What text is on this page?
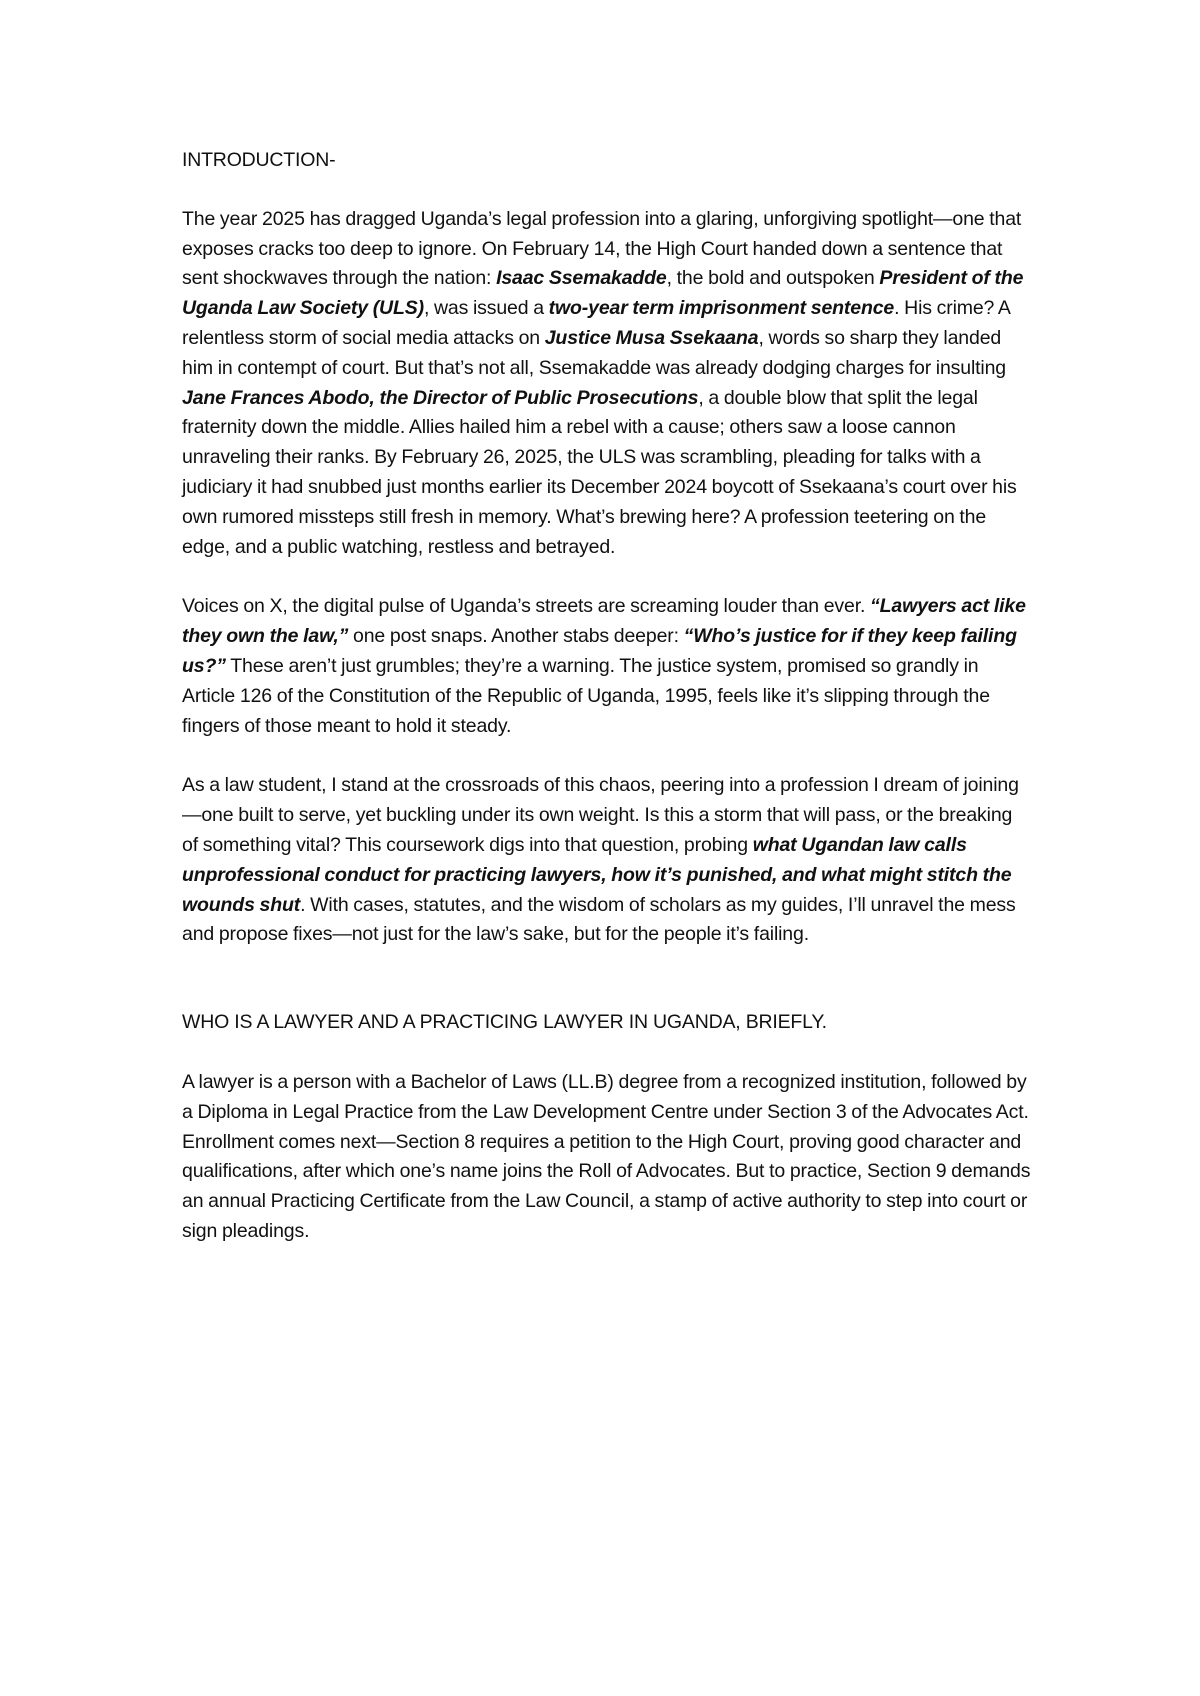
INTRODUCTION-

The year 2025 has dragged Uganda’s legal profession into a glaring, unforgiving spotlight—one that exposes cracks too deep to ignore. On February 14, the High Court handed down a sentence that sent shockwaves through the nation: Isaac Ssemakadde, the bold and outspoken President of the Uganda Law Society (ULS), was issued a two-year term imprisonment sentence. His crime? A relentless storm of social media attacks on Justice Musa Ssekaana, words so sharp they landed him in contempt of court. But that’s not all, Ssemakadde was already dodging charges for insulting Jane Frances Abodo, the Director of Public Prosecutions, a double blow that split the legal fraternity down the middle. Allies hailed him a rebel with a cause; others saw a loose cannon unraveling their ranks. By February 26, 2025, the ULS was scrambling, pleading for talks with a judiciary it had snubbed just months earlier its December 2024 boycott of Ssekaana’s court over his own rumored missteps still fresh in memory. What’s brewing here? A profession teetering on the edge, and a public watching, restless and betrayed.

Voices on X, the digital pulse of Uganda’s streets are screaming louder than ever. “Lawyers act like they own the law,” one post snaps. Another stabs deeper: “Who’s justice for if they keep failing us?” These aren’t just grumbles; they’re a warning. The justice system, promised so grandly in Article 126 of the Constitution of the Republic of Uganda, 1995, feels like it’s slipping through the fingers of those meant to hold it steady.

As a law student, I stand at the crossroads of this chaos, peering into a profession I dream of joining—one built to serve, yet buckling under its own weight. Is this a storm that will pass, or the breaking of something vital? This coursework digs into that question, probing what Ugandan law calls unprofessional conduct for practicing lawyers, how it’s punished, and what might stitch the wounds shut. With cases, statutes, and the wisdom of scholars as my guides, I’ll unravel the mess and propose fixes—not just for the law’s sake, but for the people it’s failing.

WHO IS A LAWYER AND A PRACTICING LAWYER IN UGANDA, BRIEFLY.

A lawyer is a person with a Bachelor of Laws (LL.B) degree from a recognized institution, followed by a Diploma in Legal Practice from the Law Development Centre under Section 3 of the Advocates Act. Enrollment comes next—Section 8 requires a petition to the High Court, proving good character and qualifications, after which one’s name joins the Roll of Advocates. But to practice, Section 9 demands an annual Practicing Certificate from the Law Council, a stamp of active authority to step into court or sign pleadings.
